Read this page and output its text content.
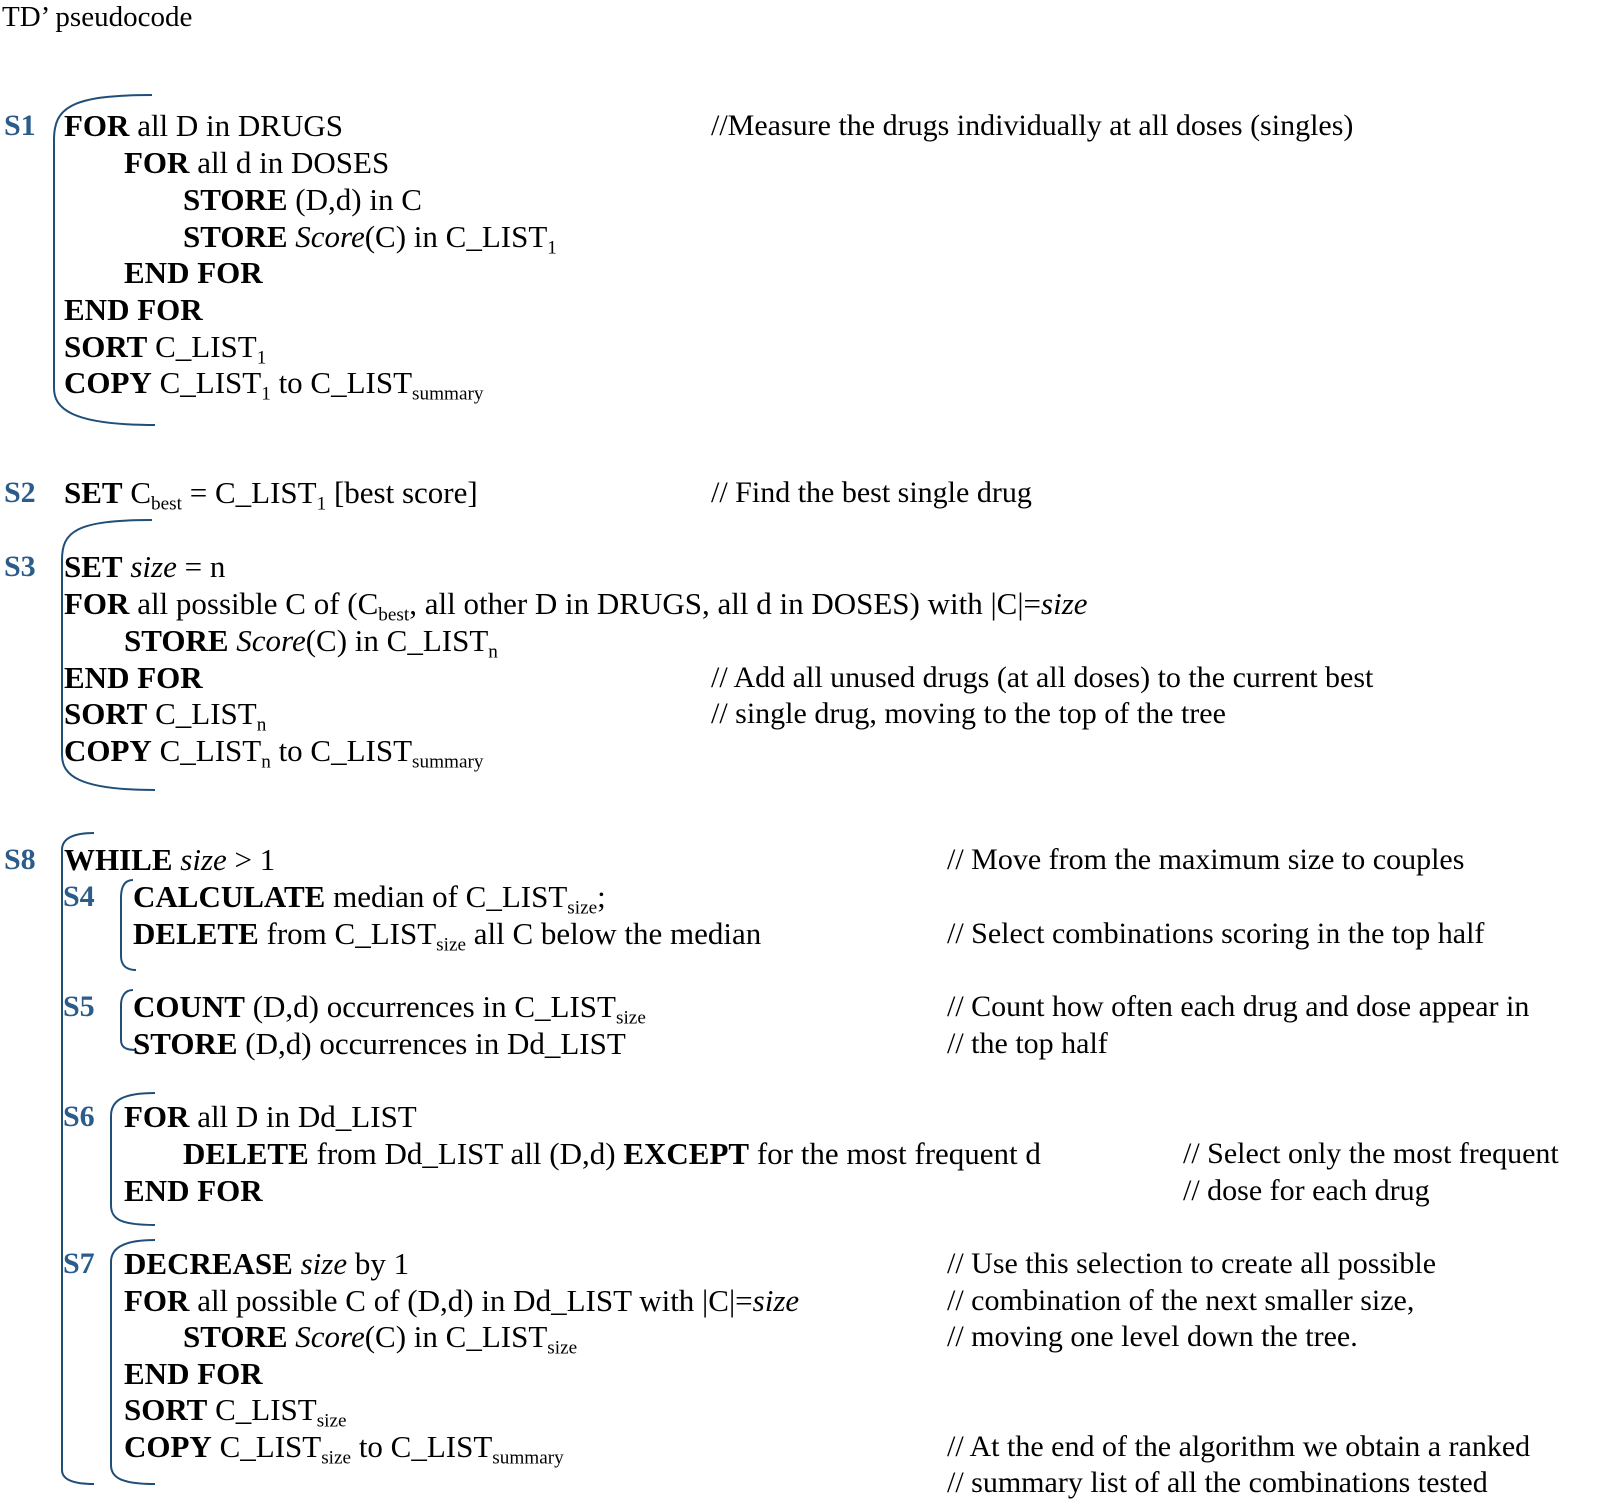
TD’ pseudocode
S1
S2
S3
S8
S4
S5
S6
S7
FOR all D in DRUGS
FOR all d in DOSES
STORE (D,d) in C
STORE Score(C) in $C\_LIST_1$
END FOR
END FOR
SORT $C\_LIST_1$
COPY $C\_LIST_1$ to $C\_LIST_{summary}$
//Measure the drugs individually at all doses (singles)
SET $C_{best}$ = $C\_LIST_1$ [best score]	// Find the best single drug
SET size = n
FOR all possible C of ($C_{best}$, all other D in DRUGS, all d in DOSES) with |C|=size
STORE Score(C) in $C\_LIST_n$
END FOR
SORT $C\_LIST_n$
COPY $C\_LIST_n$ to $C\_LIST_{summary}$
// Add all unused drugs (at all doses) to the current best
// single drug, moving to the top of the tree
WHILE size > 1	// Move from the maximum size to couples
CALCULATE median of $C\_LIST_{size}$;
DELETE from $C\_LIST_{size}$ all C below the median	// Select combinations scoring in the top half
COUNT (D,d) occurrences in $C\_LIST_{size}$
STORE (D,d) occurrences in Dd_LIST
// Count how often each drug and dose appear in
// the top half
FOR all D in Dd_LIST
DELETE from Dd_LIST all (D,d) EXCEPT for the most frequent d
END FOR
// Select only the most frequent
// dose for each drug
DECREASE size by 1
FOR all possible C of (D,d) in Dd_LIST with |C|=size
STORE Score(C) in $C\_LIST_{size}$
END FOR
SORT $C\_LIST_{size}$
COPY $C\_LIST_{size}$ to $C\_LIST_{summary}$
// Use this selection to create all possible
// combination of the next smaller size,
// moving one level down the tree.
// At the end of the algorithm we obtain a ranked
// summary list of all the combinations tested
